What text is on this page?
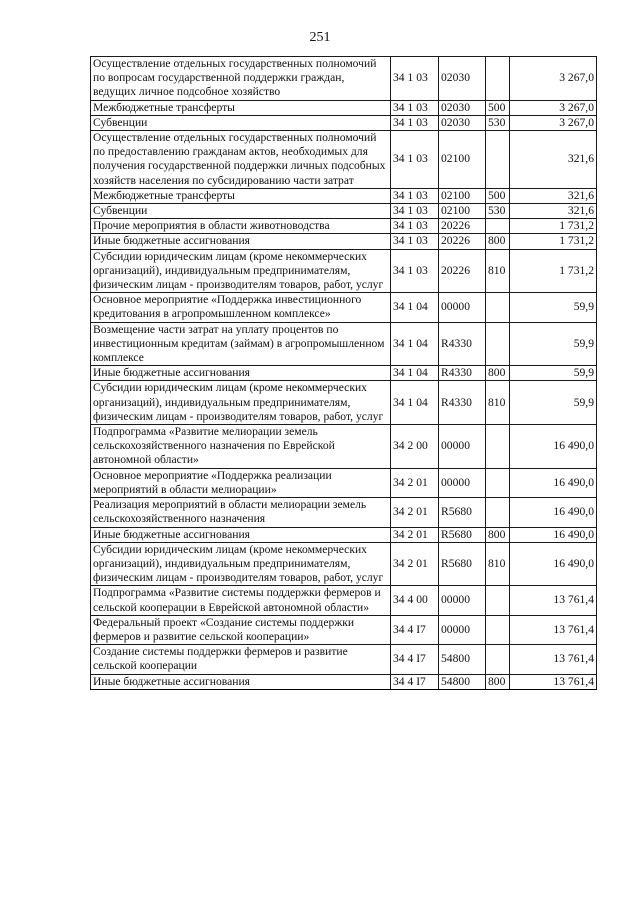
251
Осуществление отдельных государственных полномочий по вопросам государственной поддержки граждан, ведущих личное подсобное хозяйство	34 1 03	02030		3 267,0
Межбюджетные трансферты	34 1 03	02030	500	3 267,0
Субвенции	34 1 03	02030	530	3 267,0
Осуществление отдельных государственных полномочий по предоставлению гражданам актов, необходимых для получения государственной поддержки личных подсобных хозяйств населения по субсидированию части затрат	34 1 03	02100		321,6
Межбюджетные трансферты	34 1 03	02100	500	321,6
Субвенции	34 1 03	02100	530	321,6
Прочие мероприятия в области животноводства	34 1 03	20226		1 731,2
Иные бюджетные ассигнования	34 1 03	20226	800	1 731,2
Субсидии юридическим лицам (кроме некоммерческих организаций), индивидуальным предпринимателям, физическим лицам - производителям товаров, работ, услуг	34 1 03	20226	810	1 731,2
Основное мероприятие «Поддержка инвестиционного кредитования в агропромышленном комплексе»	34 1 04	00000		59,9
Возмещение части затрат на уплату процентов по инвестиционным кредитам (займам) в агропромышленном комплексе	34 1 04	R4330		59,9
Иные бюджетные ассигнования	34 1 04	R4330	800	59,9
Субсидии юридическим лицам (кроме некоммерческих организаций), индивидуальным предпринимателям, физическим лицам - производителям товаров, работ, услуг	34 1 04	R4330	810	59,9
Подпрограмма «Развитие мелиорации земель сельскохозяйственного назначения по Еврейской автономной области»	34 2 00	00000		16 490,0
Основное мероприятие «Поддержка реализации мероприятий в области мелиорации»	34 2 01	00000		16 490,0
Реализация мероприятий в области мелиорации земель сельскохозяйственного назначения	34 2 01	R5680		16 490,0
Иные бюджетные ассигнования	34 2 01	R5680	800	16 490,0
Субсидии юридическим лицам (кроме некоммерческих организаций), индивидуальным предпринимателям, физическим лицам - производителям товаров, работ, услуг	34 2 01	R5680	810	16 490,0
Подпрограмма «Развитие системы поддержки фермеров и сельской кооперации в Еврейской автономной области»	34 4 00	00000		13 761,4
Федеральный проект «Создание системы поддержки фермеров и развитие сельской кооперации»	34 4 I7	00000		13 761,4
Создание системы поддержки фермеров и развитие сельской кооперации	34 4 I7	54800		13 761,4
Иные бюджетные ассигнования	34 4 I7	54800	800	13 761,4
